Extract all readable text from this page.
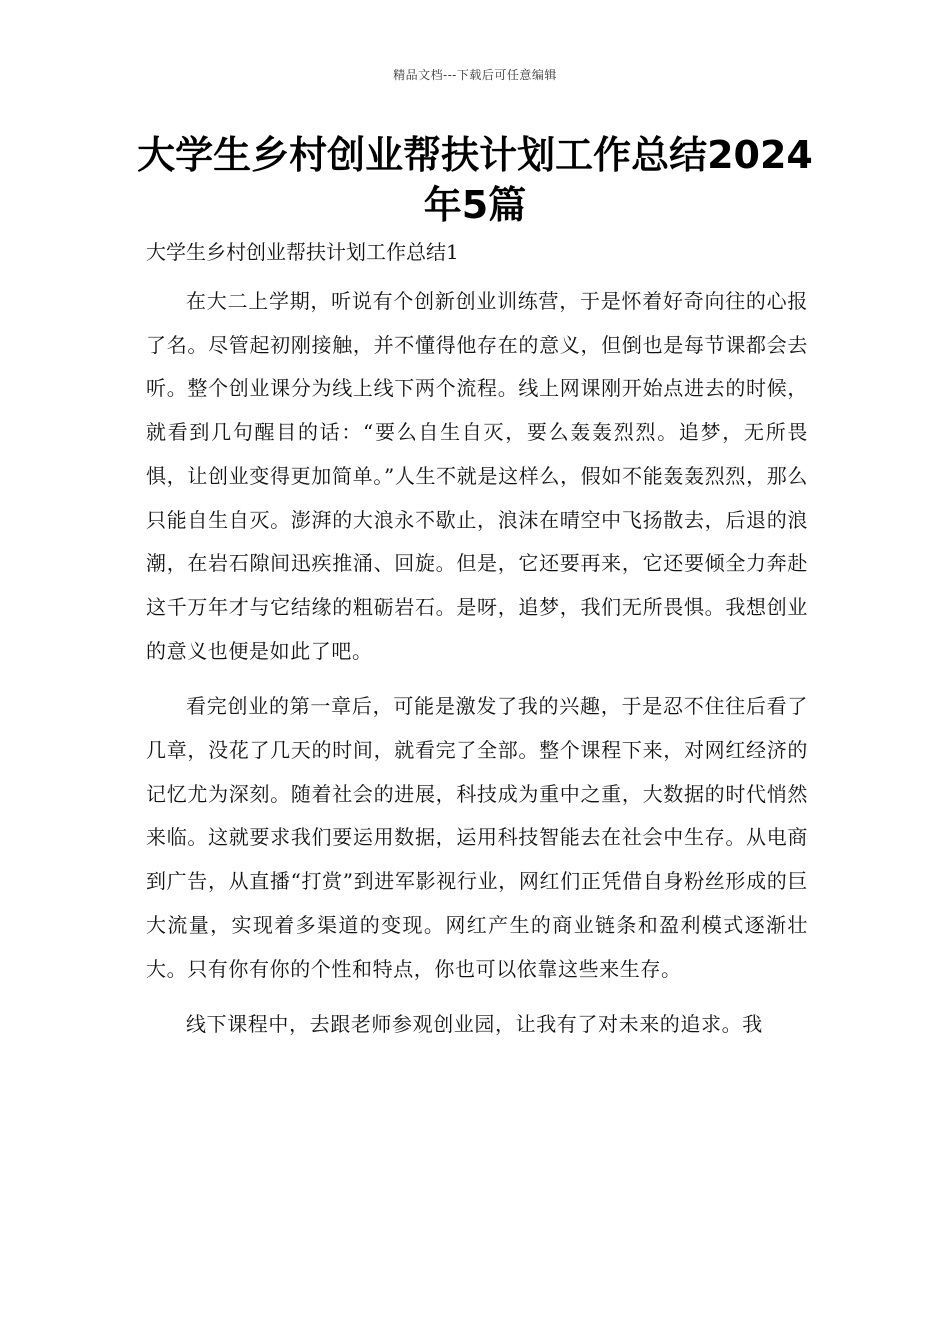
精品文档---下载后可任意编辑
大学生乡村创业帮扶计划工作总结2024年5篇

大学生乡村创业帮扶计划工作总结1

在大二上学期，听说有个创新创业训练营，于是怀着好奇向往的心报了名。尽管起初刚接触，并不懂得他存在的意义，但倒也是每节课都会去听。整个创业课分为线上线下两个流程。线上网课刚开始点进去的时候，就看到几句醒目的话：“要么自生自灭，要么轰轰烈烈。追梦，无所畏惧，让创业变得更加简单。”人生不就是这样么，假如不能轰轰烈烈，那么只能自生自灭。澎湃的大浪永不歇止，浪沫在晴空中飞扬散去，后退的浪潮，在岩石隙间迅疾推涌、回旋。但是，它还要再来，它还要倾全力奔赴这千万年才与它结缘的粗砺岩石。是呀，追梦，我们无所畏惧。我想创业的意义也便是如此了吧。

看完创业的第一章后，可能是激发了我的兴趣，于是忍不住往后看了几章，没花了几天的时间，就看完了全部。整个课程下来，对网红经济的记忆尤为深刻。随着社会的进展，科技成为重中之重，大数据的时代悄然来临。这就要求我们要运用数据，运用科技智能去在社会中生存。从电商到广告，从直播“打赏”到进军影视行业，网红们正凭借自身粉丝形成的巨大流量，实现着多渠道的变现。网红产生的商业链条和盈利模式逐渐壮大。只有你有你的个性和特点，你也可以依靠这些来生存。

线下课程中，去跟老师参观创业园，让我有了对未来的追求。我
